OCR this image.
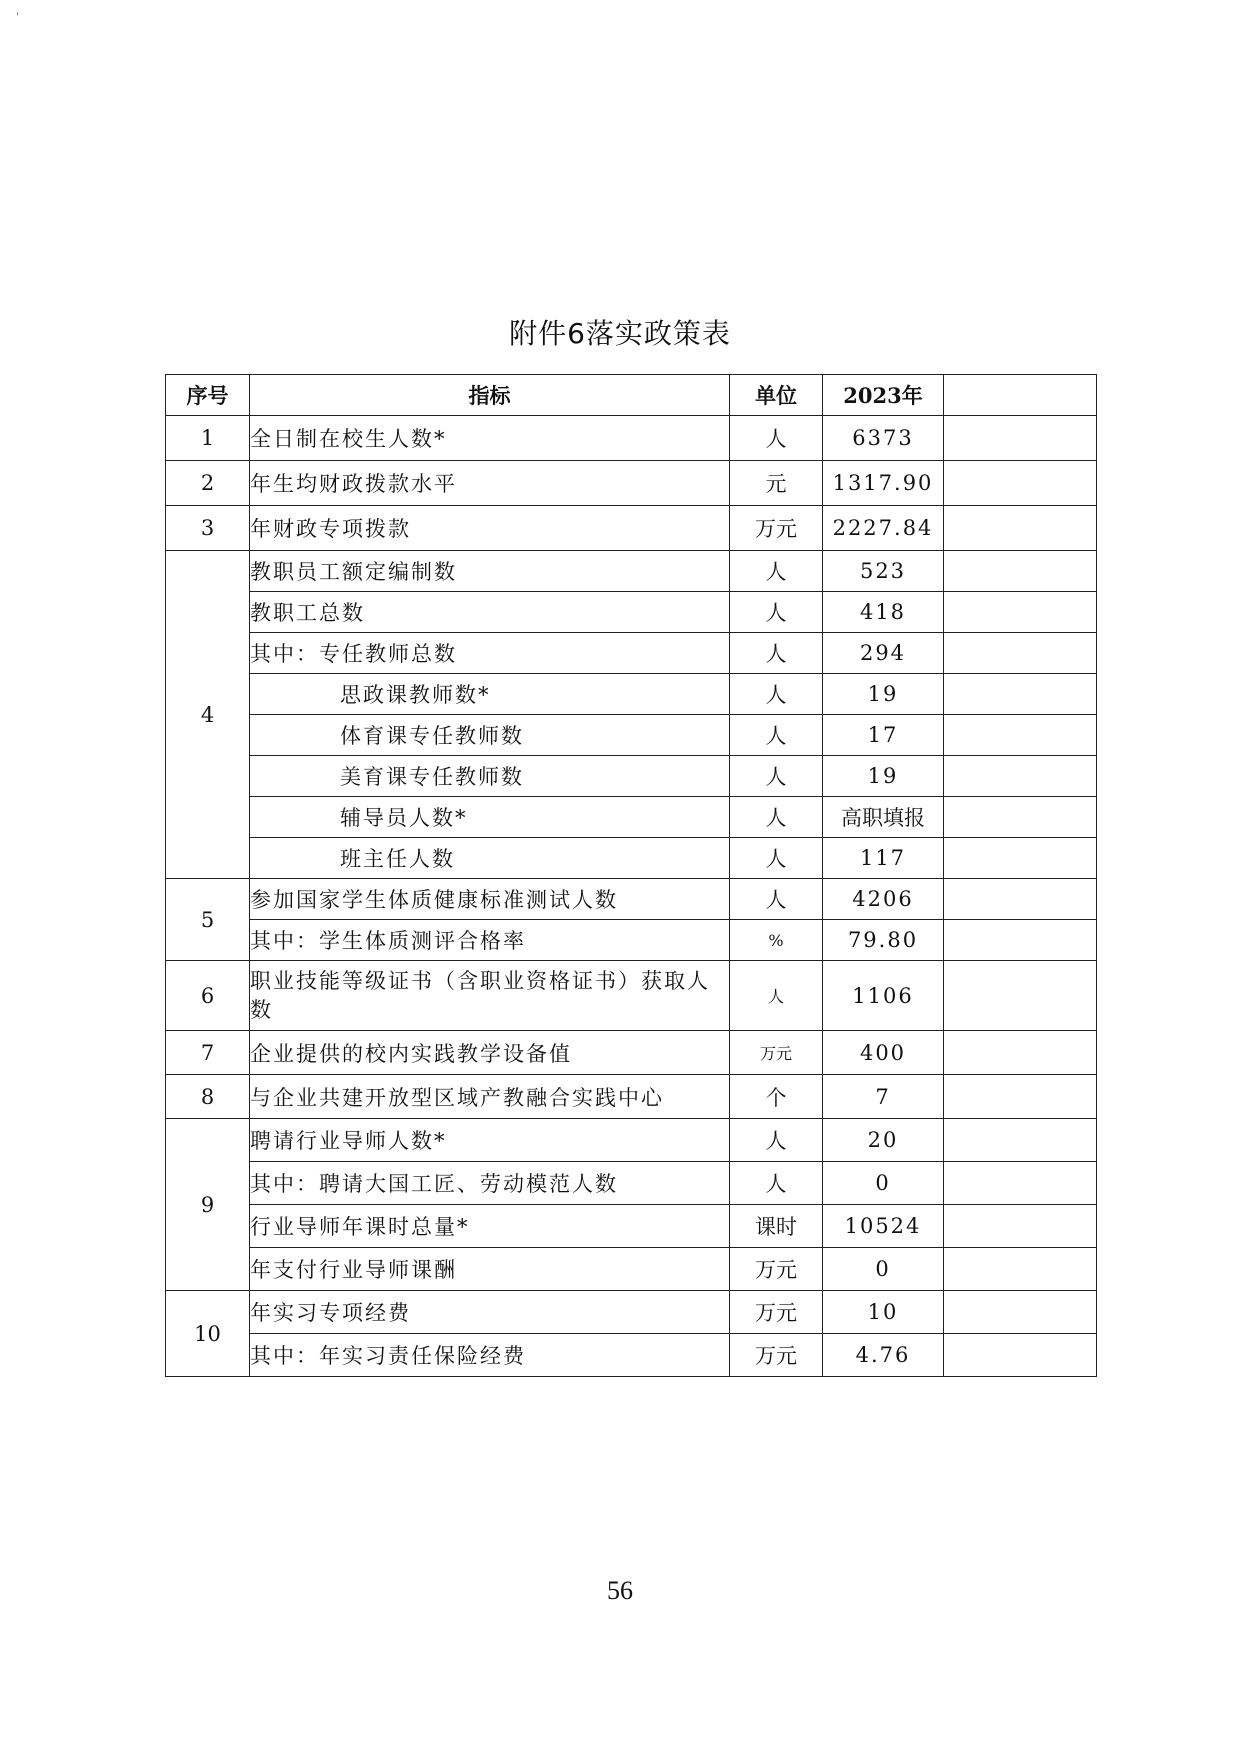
'
附件6落实政策表
序号	指标	单位	2023年	
1	全日制在校生人数*	人	6373	
2	年生均财政拨款水平	元	1317.90	
3	年财政专项拨款	万元	2227.84	
4	教职员工额定编制数	人	523	
	教职工总数	人	418	
	其中：专任教师总数	人	294	
	思政课教师数*	人	19	
	体育课专任教师数	人	17	
	美育课专任教师数	人	19	
	辅导员人数*	人	高职填报	
	班主任人数	人	117	
5	参加国家学生体质健康标准测试人数	人	4206	
	其中：学生体质测评合格率	%	79.80	
6	职业技能等级证书（含职业资格证书）获取人数	人	1106	
7	企业提供的校内实践教学设备值	万元	400	
8	与企业共建开放型区域产教融合实践中心	个	7	
9	聘请行业导师人数*	人	20	
	其中：聘请大国工匠、劳动模范人数	人	0	
	行业导师年课时总量*	课时	10524	
	年支付行业导师课酬	万元	0	
10	年实习专项经费	万元	10	
	其中：年实习责任保险经费	万元	4.76	
56
